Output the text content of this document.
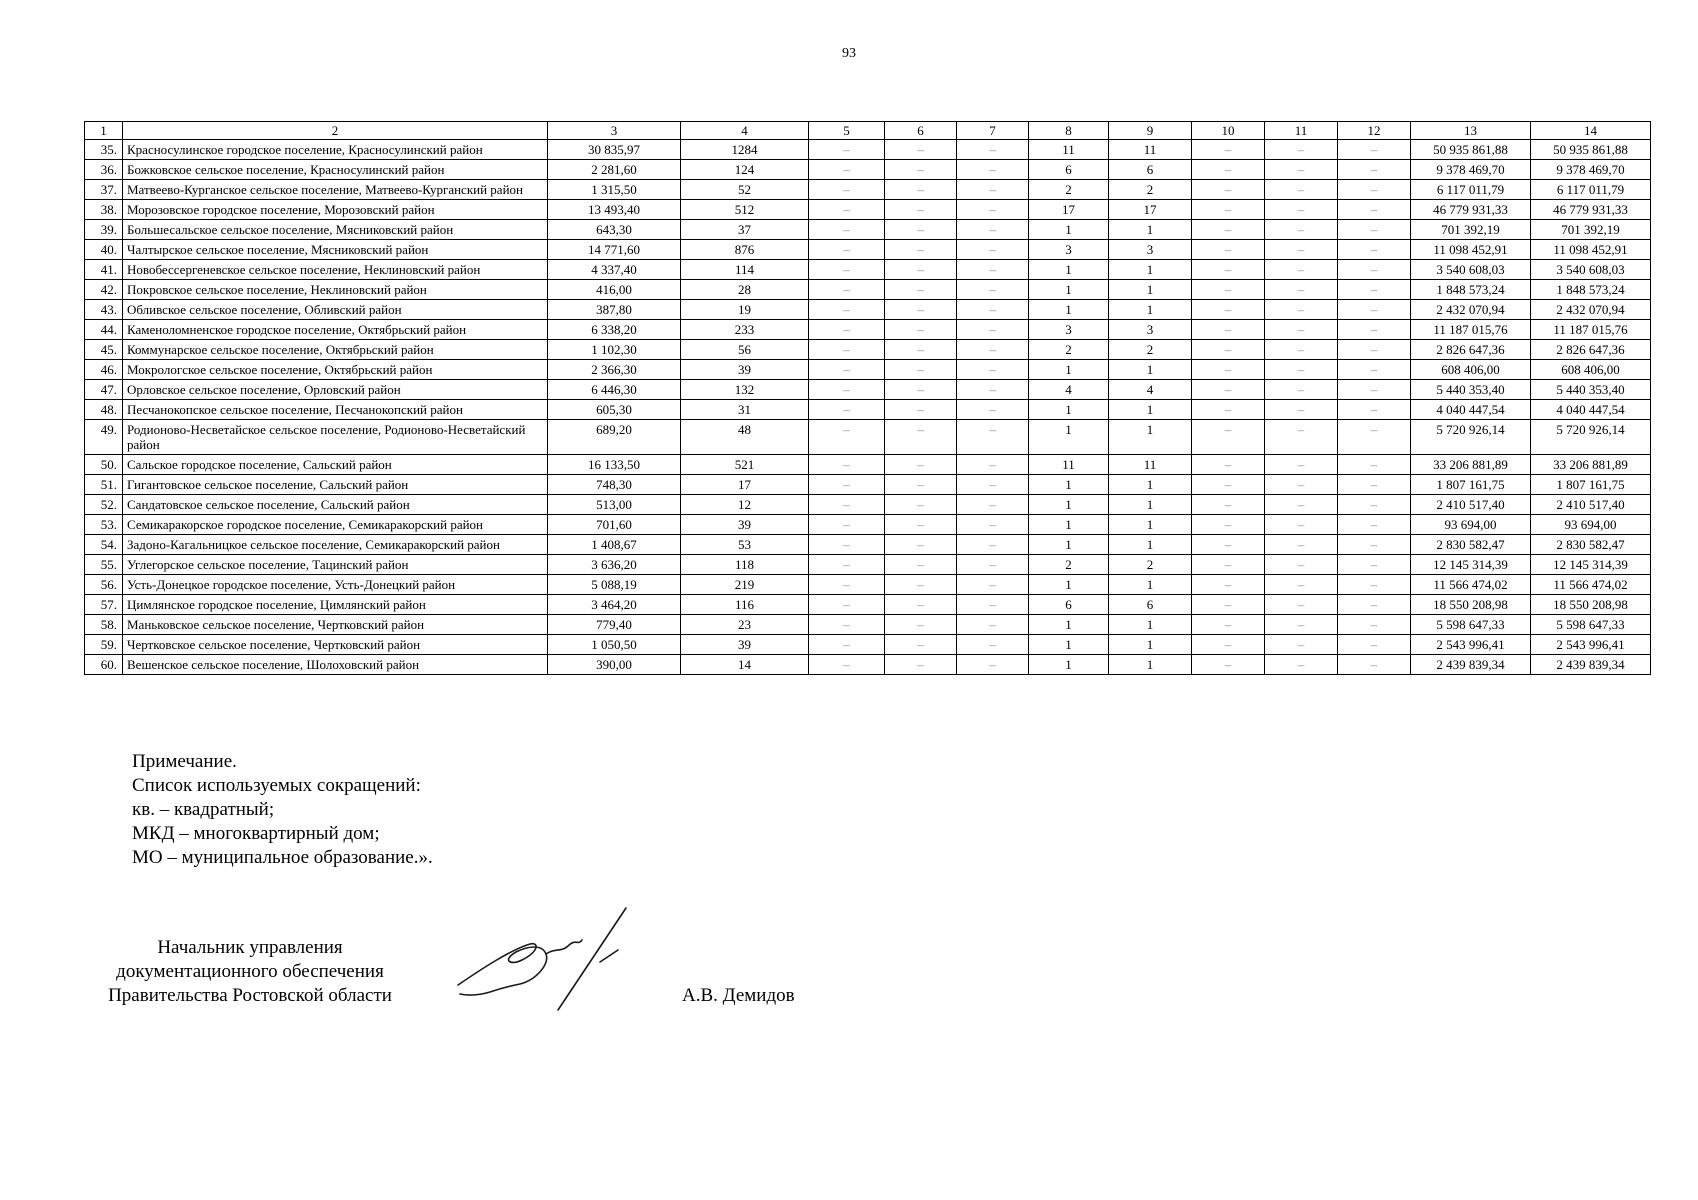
93
1	2	3	4	5	6	7	8	9	10	11	12	13	14
35.	Красносулинское городское поселение, Красносулинский район	30 835,97	1284	–	–	–	11	11	–	–	–	50 935 861,88	50 935 861,88
36.	Божковское сельское поселение, Красносулинский район	2 281,60	124	–	–	–	6	6	–	–	–	9 378 469,70	9 378 469,70
37.	Матвеево-Курганское сельское поселение, Матвеево-Курганский район	1 315,50	52	–	–	–	2	2	–	–	–	6 117 011,79	6 117 011,79
38.	Морозовское городское поселение, Морозовский район	13 493,40	512	–	–	–	17	17	–	–	–	46 779 931,33	46 779 931,33
39.	Большесальское сельское поселение, Мясниковский район	643,30	37	–	–	–	1	1	–	–	–	701 392,19	701 392,19
40.	Чалтырское сельское поселение, Мясниковский район	14 771,60	876	–	–	–	3	3	–	–	–	11 098 452,91	11 098 452,91
41.	Новобессергеневское сельское поселение, Неклиновский район	4 337,40	114	–	–	–	1	1	–	–	–	3 540 608,03	3 540 608,03
42.	Покровское сельское поселение, Неклиновский район	416,00	28	–	–	–	1	1	–	–	–	1 848 573,24	1 848 573,24
43.	Обливское сельское поселение, Обливский район	387,80	19	–	–	–	1	1	–	–	–	2 432 070,94	2 432 070,94
44.	Каменоломненское городское поселение, Октябрьский район	6 338,20	233	–	–	–	3	3	–	–	–	11 187 015,76	11 187 015,76
45.	Коммунарское сельское поселение, Октябрьский район	1 102,30	56	–	–	–	2	2	–	–	–	2 826 647,36	2 826 647,36
46.	Мокрологское сельское поселение, Октябрьский район	2 366,30	39	–	–	–	1	1	–	–	–	608 406,00	608 406,00
47.	Орловское сельское поселение, Орловский район	6 446,30	132	–	–	–	4	4	–	–	–	5 440 353,40	5 440 353,40
48.	Песчанокопское сельское поселение, Песчанокопский район	605,30	31	–	–	–	1	1	–	–	–	4 040 447,54	4 040 447,54
49.	Родионово-Несветайское сельское поселение, Родионово-Несветайский район	689,20	48	–	–	–	1	1	–	–	–	5 720 926,14	5 720 926,14
50.	Сальское городское поселение, Сальский район	16 133,50	521	–	–	–	11	11	–	–	–	33 206 881,89	33 206 881,89
51.	Гигантовское сельское поселение, Сальский район	748,30	17	–	–	–	1	1	–	–	–	1 807 161,75	1 807 161,75
52.	Сандатовское сельское поселение, Сальский район	513,00	12	–	–	–	1	1	–	–	–	2 410 517,40	2 410 517,40
53.	Семикаракорское городское поселение, Семикаракорский район	701,60	39	–	–	–	1	1	–	–	–	93 694,00	93 694,00
54.	Задоно-Кагальницкое сельское поселение, Семикаракорский район	1 408,67	53	–	–	–	1	1	–	–	–	2 830 582,47	2 830 582,47
55.	Углегорское сельское поселение, Тацинский район	3 636,20	118	–	–	–	2	2	–	–	–	12 145 314,39	12 145 314,39
56.	Усть-Донецкое городское поселение, Усть-Донецкий район	5 088,19	219	–	–	–	1	1	–	–	–	11 566 474,02	11 566 474,02
57.	Цимлянское городское поселение, Цимлянский район	3 464,20	116	–	–	–	6	6	–	–	–	18 550 208,98	18 550 208,98
58.	Маньковское сельское поселение, Чертковский район	779,40	23	–	–	–	1	1	–	–	–	5 598 647,33	5 598 647,33
59.	Чертковское сельское поселение, Чертковский район	1 050,50	39	–	–	–	1	1	–	–	–	2 543 996,41	2 543 996,41
60.	Вешенское сельское поселение, Шолоховский район	390,00	14	–	–	–	1	1	–	–	–	2 439 839,34	2 439 839,34
Примечание.
Список используемых сокращений:
кв. – квадратный;
МКД – многоквартирный дом;
МО – муниципальное образование.».
Начальник управления
документационного обеспечения
Правительства Ростовской области	А.В. Демидов
